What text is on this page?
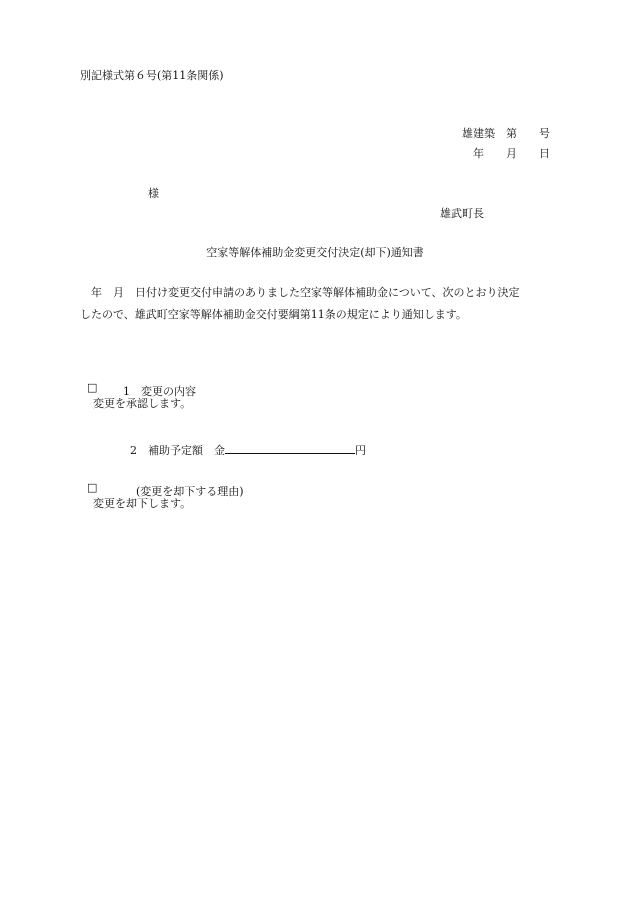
別記様式第６号(第11条関係)
雄建築　第　　号
年　　月　　日
様
雄武町長
空家等解体補助金変更交付決定(却下)通知書
　年　月　日付け変更交付申請のありました空家等解体補助金について、次のとおり決定
したので、雄武町空家等解体補助金交付要綱第11条の規定により通知します。

□
変更を承認します。

1　変更の内容

2　補助予定額　金	円

□
変更を却下します。

(変更を却下する理由)
